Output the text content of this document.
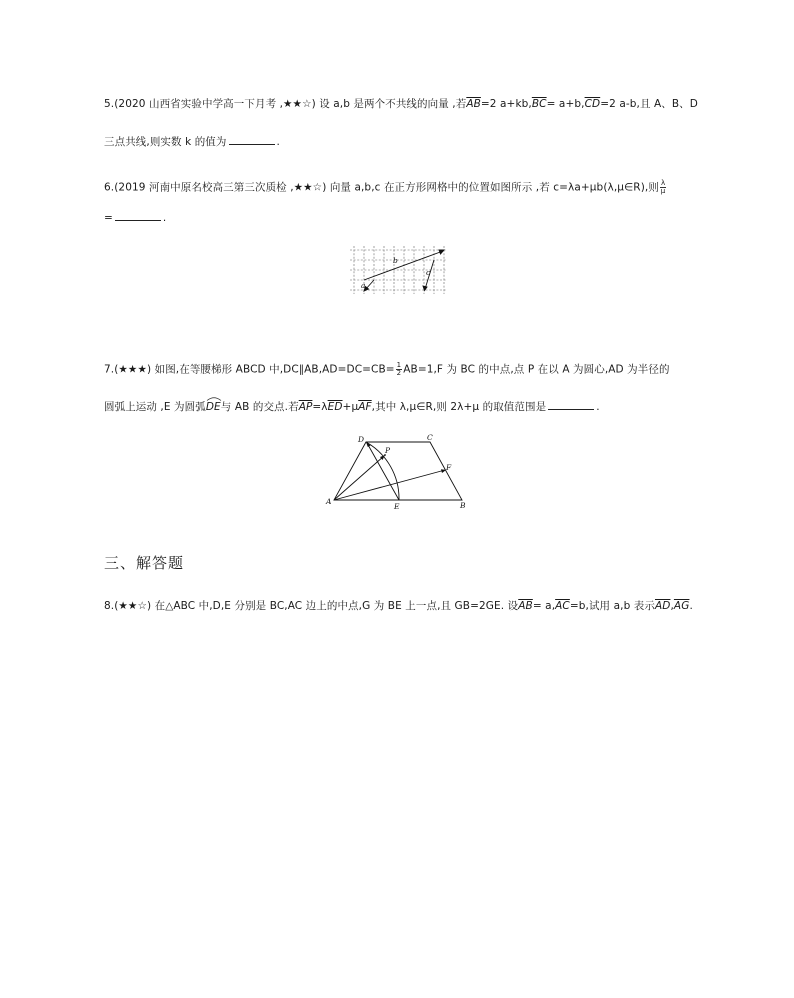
5.(2020 山西省实验中学高一下月考 ,★★☆) 设 a,b 是两个不共线的向量 ,若$\overline{AB}=2$ $a+kb,\overline{BC}= a+b,\overline{CD}=2$ a-b,且 A、B、D
三点共线,则实数 k 的值为	.
6.(2019 河南中原名校高三第三次质检 ,★★☆) 向量 a,b,c 在正方形网格中的位置如图所示 ,若 c=λa+μb(λ,μ∈R),则 $\frac{\lambda}{\mu}$
=	.
a
b
c
7.(★★★) 如图,在等腰梯形 ABCD 中,DC∥AB,AD=DC=CB= $\frac{1}{2} AB=1,F$ 为 BC 的中点,点 P 在以 A 为圆心,AD 为半径的
圆弧上运动 ,E 为圆弧DE
与 AB 的交点.若$\overline{AP}=\lambda\overline{ED}+\mu\overline{AF}$,其中 λ,μ∈R,则 2λ+μ 的取值范围是	.
A	B
C
D
E
F
P
三、解答题
8.(★★☆) 在△ABC 中,D,E 分别是 BC,AC 边上的中点,G 为 BE 上一点,且 GB=2GE. 设$\overline{AB}= a,\overline{AC}=b$,试用 a,b 表示$\overline{AD},\overline{AG}$.
